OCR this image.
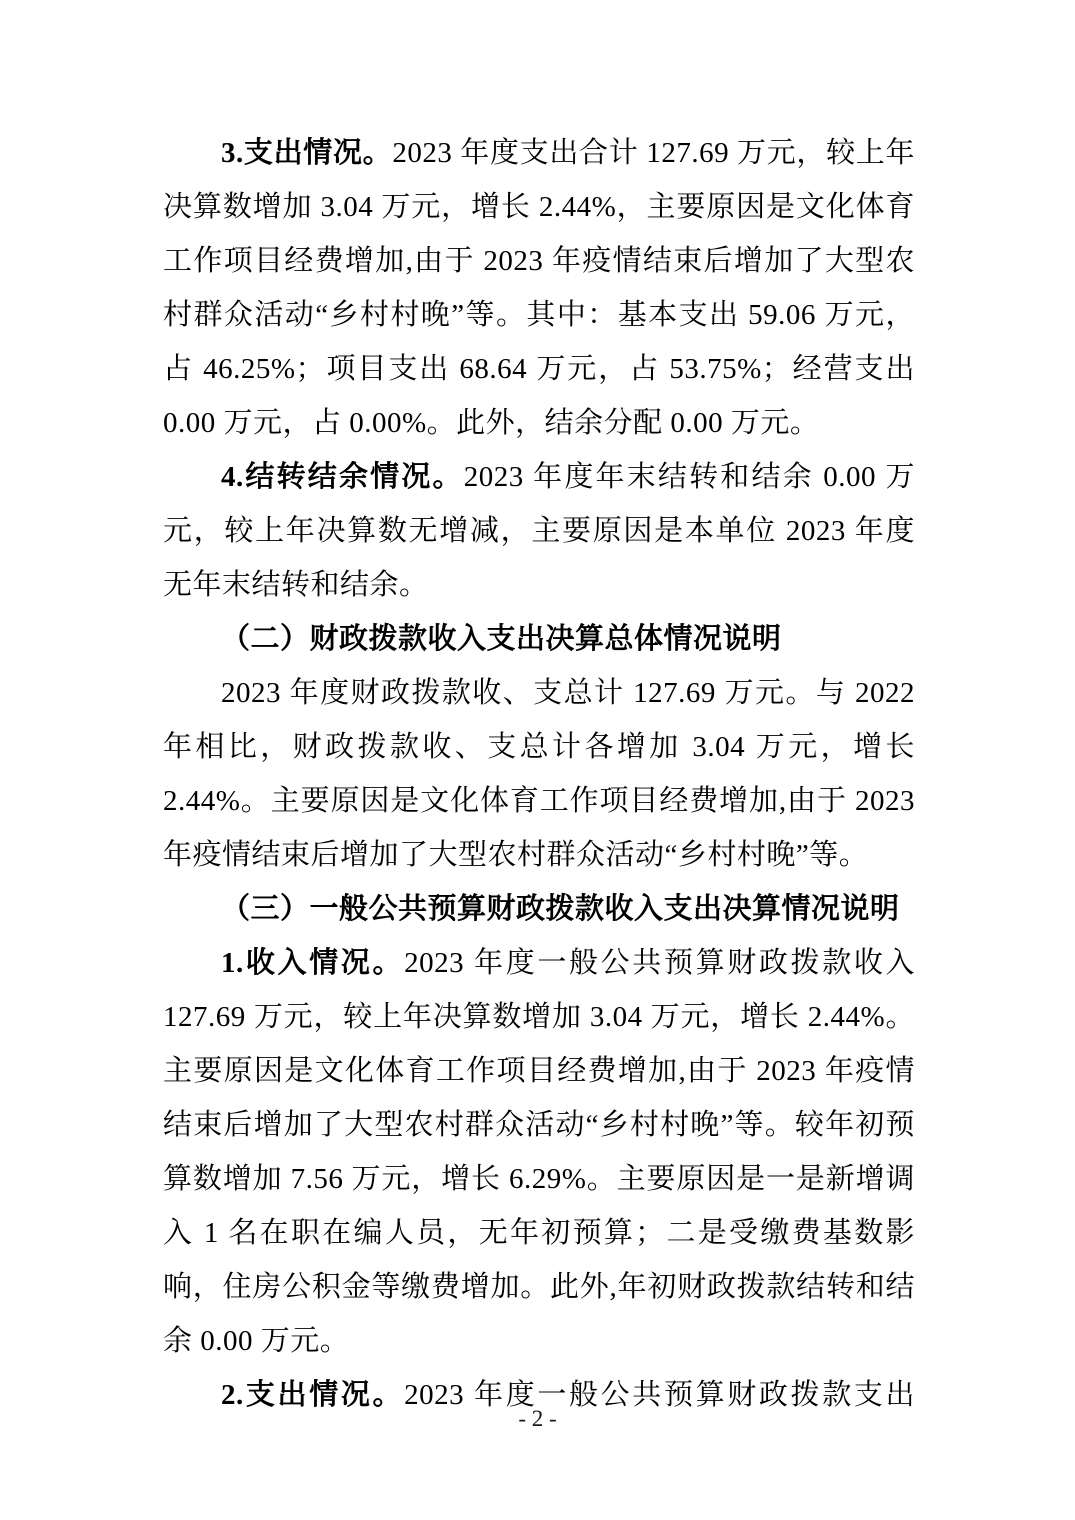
3.支出情况。2023 年度支出合计 127.69 万元，较上年决算数增加 3.04 万元，增长 2.44%，主要原因是文化体育工作项目经费增加,由于 2023 年疫情结束后增加了大型农村群众活动“乡村村晚”等。其中：基本支出 59.06 万元，占 46.25%；项目支出 68.64 万元，占 53.75%；经营支出 0.00 万元，占 0.00%。此外，结余分配 0.00 万元。

4.结转结余情况。2023 年度年末结转和结余 0.00 万元，较上年决算数无增减，主要原因是本单位 2023 年度无年末结转和结余。

（二）财政拨款收入支出决算总体情况说明

2023 年度财政拨款收、支总计 127.69 万元。与 2022 年相比，财政拨款收、支总计各增加 3.04 万元，增长 2.44%。主要原因是文化体育工作项目经费增加,由于 2023 年疫情结束后增加了大型农村群众活动“乡村村晚”等。

（三）一般公共预算财政拨款收入支出决算情况说明

1.收入情况。2023 年度一般公共预算财政拨款收入 127.69 万元，较上年决算数增加 3.04 万元，增长 2.44%。主要原因是文化体育工作项目经费增加,由于 2023 年疫情结束后增加了大型农村群众活动“乡村村晚”等。较年初预算数增加 7.56 万元，增长 6.29%。主要原因是一是新增调入 1 名在职在编人员，无年初预算；二是受缴费基数影响，住房公积金等缴费增加。此外,年初财政拨款结转和结余 0.00 万元。

2.支出情况。2023 年度一般公共预算财政拨款支出

- 2 -
